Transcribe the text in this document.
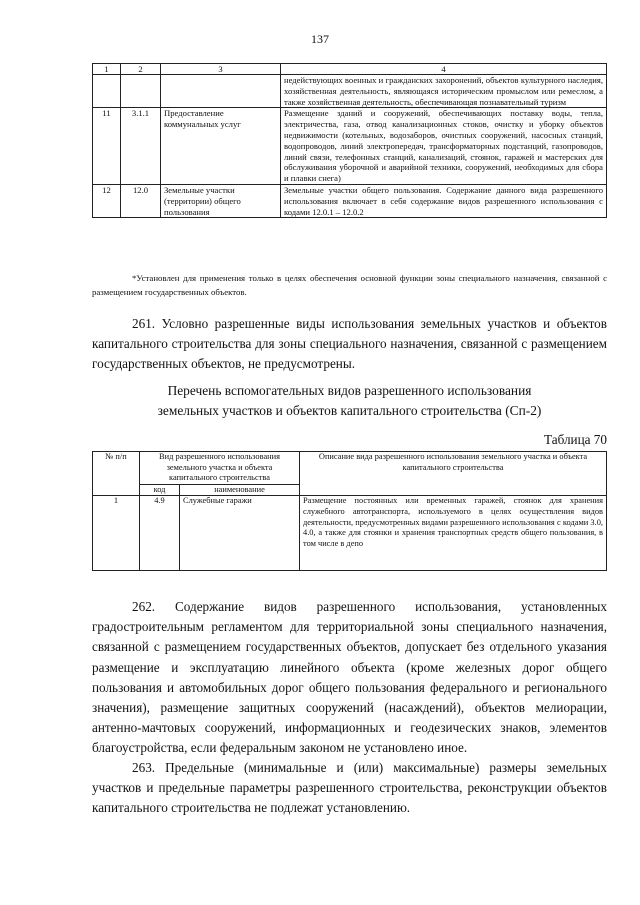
137
1	2	3	4
			недействующих военных и гражданских захоронений, объектов культурного наследия, хозяйственная деятельность, являющаяся историческим промыслом или ремеслом, а также хозяйственная деятельность, обеспечивающая познавательный туризм
11	3.1.1	Предоставление коммунальных услуг	Размещение зданий и сооружений, обеспечивающих поставку воды, тепла, электричества, газа, отвод канализационных стоков, очистку и уборку объектов недвижимости (котельных, водозаборов, очистных сооружений, насосных станций, водопроводов, линий электропередач, трансформаторных подстанций, газопроводов, линий связи, телефонных станций, канализаций, стоянок, гаражей и мастерских для обслуживания уборочной и аварийной техники, сооружений, необходимых для сбора и плавки снега)
12	12.0	Земельные участки (территории) общего пользования	Земельные участки общего пользования. Содержание данного вида разрешенного использования включает в себя содержание видов разрешенного использования с кодами 12.0.1 – 12.0.2
*Установлен для применения только в целях обеспечения основной функции зоны специального назначения, связанной с размещением государственных объектов.
261. Условно разрешенные виды использования земельных участков и объектов капитального строительства для зоны специального назначения, связанной с размещением государственных объектов, не предусмотрены.
Перечень вспомогательных видов разрешенного использования
земельных участков и объектов капитального строительства (Сп-2)
Таблица 70
№ п/п	Вид разрешенного использования земельного участка и объекта капитального строительства		Описание вида разрешенного использования земельного участка и объекта капитального строительства
	код	наименование	
1	4.9	Служебные гаражи	Размещение постоянных или временных гаражей, стоянок для хранения служебного автотранспорта, используемого в целях осуществления видов деятельности, предусмотренных видами разрешенного использования с кодами 3.0, 4.0, а также для стоянки и хранения транспортных средств общего пользования, в том числе в депо
262. Содержание видов разрешенного использования, установленных градостроительным регламентом для территориальной зоны специального назначения, связанной с размещением государственных объектов, допускает без отдельного указания размещение и эксплуатацию линейного объекта (кроме железных дорог общего пользования и автомобильных дорог общего пользования федерального и регионального значения), размещение защитных сооружений (насаждений), объектов мелиорации, антенно-мачтовых сооружений, информационных и геодезических знаков, элементов благоустройства, если федеральным законом не установлено иное.
263. Предельные (минимальные и (или) максимальные) размеры земельных участков и предельные параметры разрешенного строительства, реконструкции объектов капитального строительства не подлежат установлению.
